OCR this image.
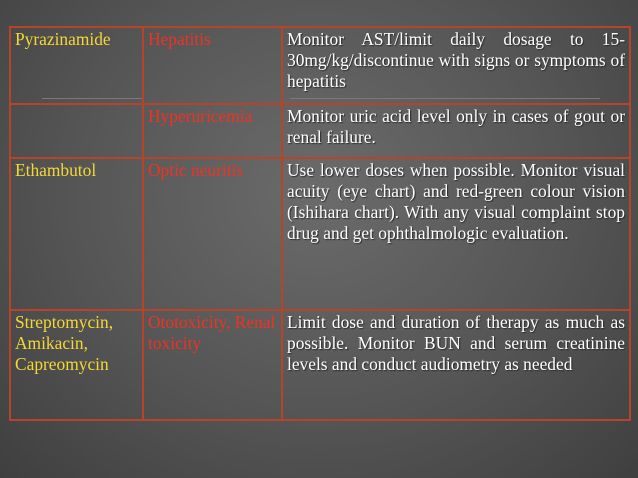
Pyrazinamide	Hepatitis	Monitor AST/limit daily dosage to 15-30mg/kg/discontinue with signs or symptoms of hepatitis
	Hyperuricemia	Monitor uric acid level only in cases of gout or renal failure.
Ethambutol	Optic neuritis	Use lower doses when possible. Monitor visual acuity (eye chart) and red-green colour vision (Ishihara chart). With any visual complaint stop drug and get ophthalmologic evaluation.
Streptomycin, Amikacin, Capreomycin	Ototoxicity, Renal toxicity	Limit dose and duration of therapy as much as possible. Monitor BUN and serum creatinine levels and conduct audiometry as needed
